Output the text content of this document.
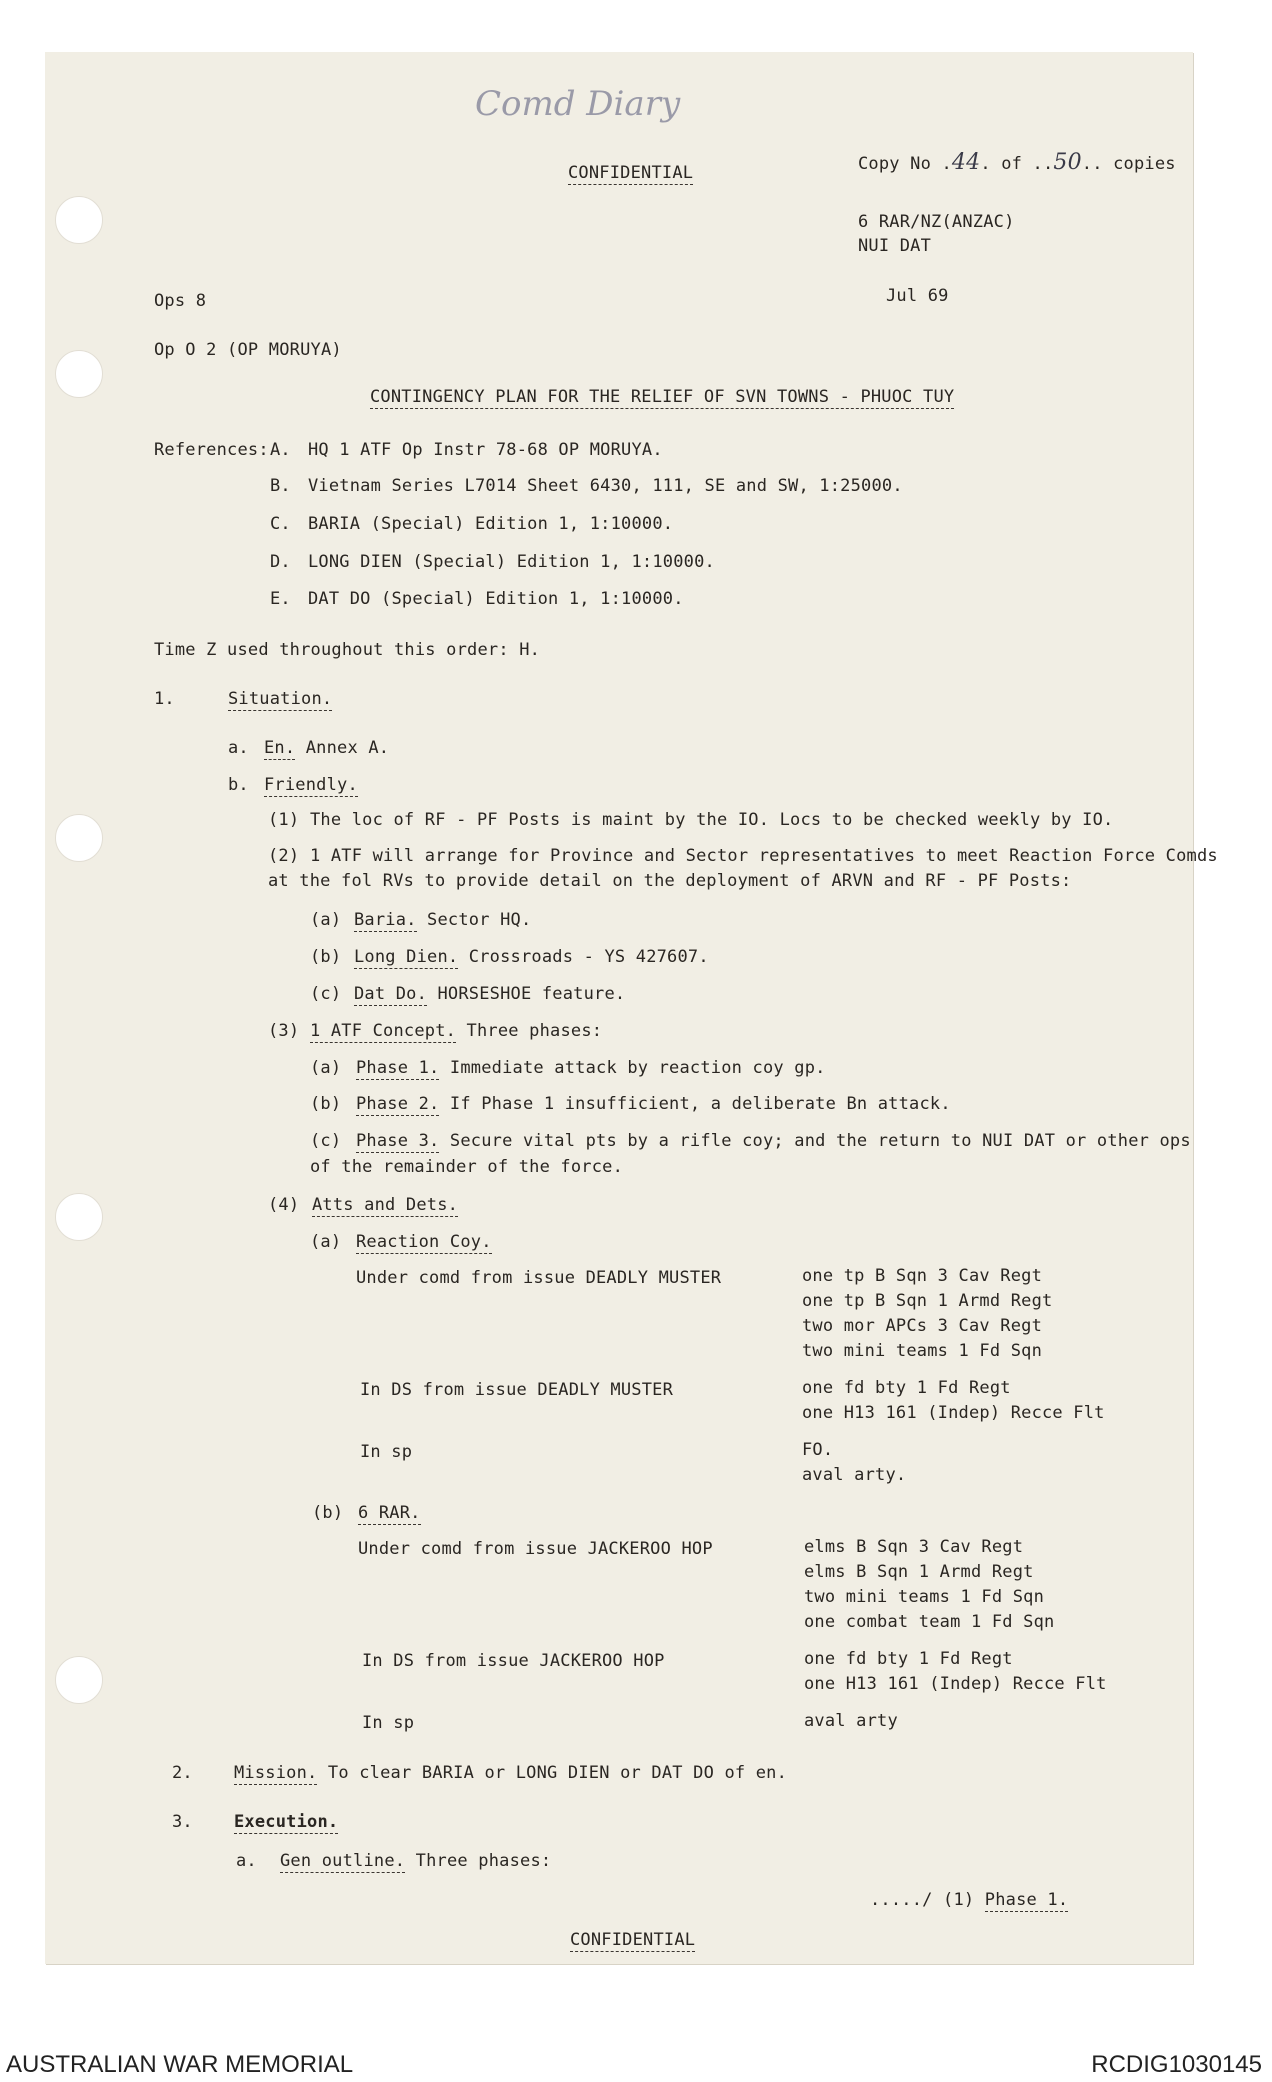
Comd Diary
CONFIDENTIAL	Copy No .44. of ..50.. copies
6 RAR/NZ(ANZAC)
NUI DAT
Ops 8	Jul 69
Op O 2 (OP MORUYA)
CONTINGENCY PLAN FOR THE RELIEF OF SVN TOWNS - PHUOC TUY
References: A. HQ 1 ATF Op Instr 78-68 OP MORUYA.
B. Vietnam Series L7014 Sheet 6430, 111, SE and SW, 1:25000.
C. BARIA (Special) Edition 1, 1:10000.
D. LONG DIEN (Special) Edition 1, 1:10000.
E. DAT DO (Special) Edition 1, 1:10000.
Time Z used throughout this order: H.
1.	Situation.
a. En. Annex A.
b. Friendly.
(1) The loc of RF - PF Posts is maint by the IO. Locs to be checked weekly by IO.
(2) 1 ATF will arrange for Province and Sector representatives to meet Reaction Force Comds
at the fol RVs to provide detail on the deployment of ARVN and RF - PF Posts:
(a) Baria. Sector HQ.
(b) Long Dien. Crossroads - YS 427607.
(c) Dat Do. HORSESHOE feature.
(3) 1 ATF Concept. Three phases:
(a) Phase 1. Immediate attack by reaction coy gp.
(b) Phase 2. If Phase 1 insufficient, a deliberate Bn attack.
(c) Phase 3. Secure vital pts by a rifle coy; and the return to NUI DAT or other ops
of the remainder of the force.
(4) Atts and Dets.
(a) Reaction Coy.
Under comd from issue DEADLY MUSTER	one tp B Sqn 3 Cav Regt
one tp B Sqn 1 Armd Regt
two mor APCs 3 Cav Regt
two mini teams 1 Fd Sqn
In DS from issue DEADLY MUSTER	one fd bty 1 Fd Regt
one H13 161 (Indep) Recce Flt
In sp	FO.
aval arty.
(b) 6 RAR.
Under comd from issue JACKEROO HOP	elms B Sqn 3 Cav Regt
elms B Sqn 1 Armd Regt
two mini teams 1 Fd Sqn
one combat team 1 Fd Sqn
In DS from issue JACKEROO HOP	one fd bty 1 Fd Regt
one H13 161 (Indep) Recce Flt
In sp	aval arty
2. Mission. To clear BARIA or LONG DIEN or DAT DO of en.
3. Execution.
a. Gen outline. Three phases:
...../ (1) Phase 1.
CONFIDENTIAL
AUSTRALIAN WAR MEMORIAL	RCDIG1030145
